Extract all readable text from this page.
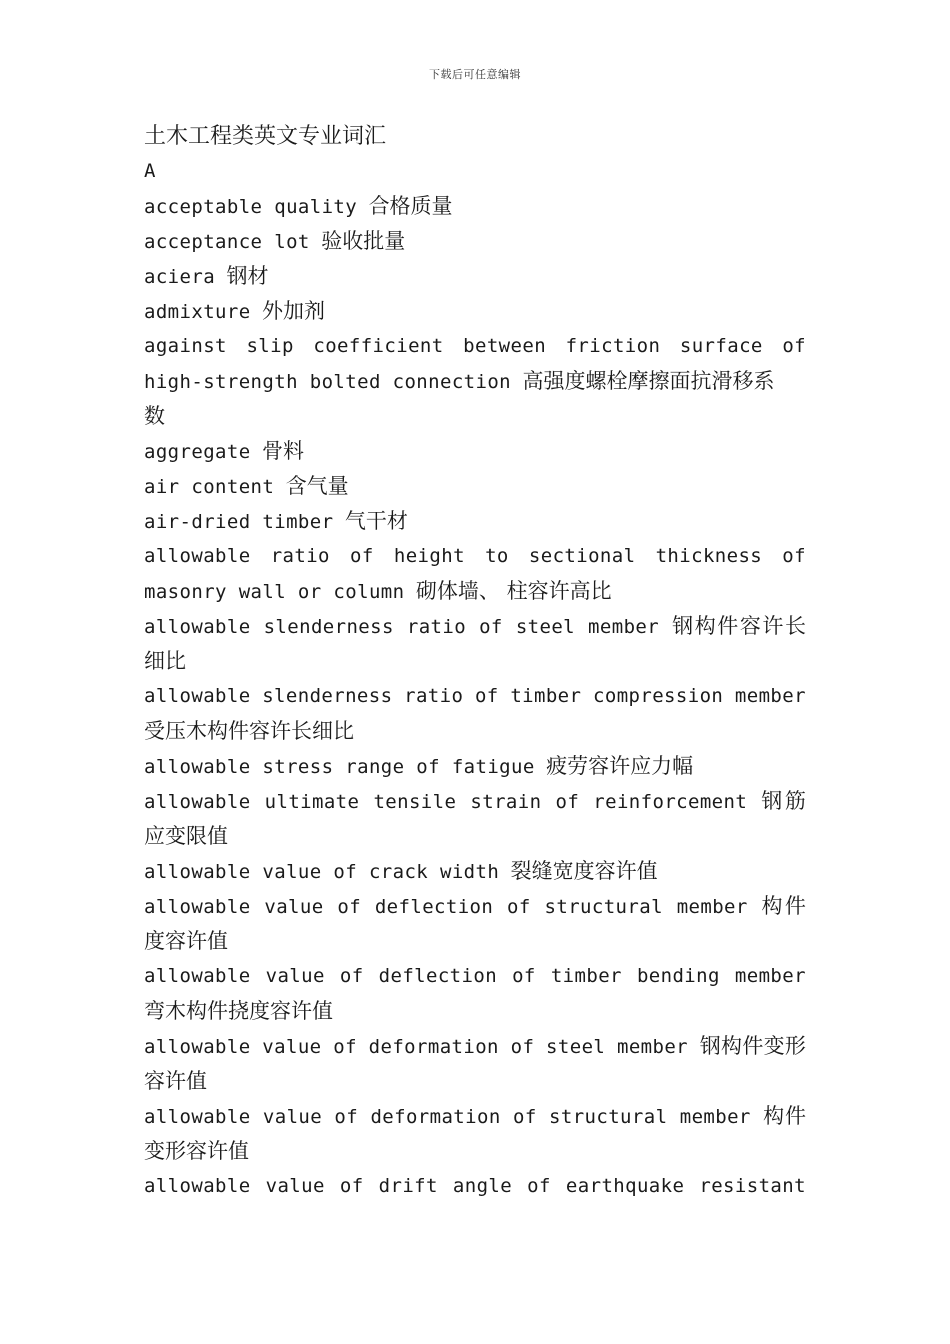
下载后可任意编辑
土木工程类英文专业词汇
A
acceptable quality 合格质量
acceptance lot 验收批量
aciera 钢材
admixture 外加剂
against slip coefficient between friction surface of
high-strength bolted connection 高强度螺栓摩擦面抗滑移系
数
aggregate 骨料
air content 含气量
air-dried timber 气干材
allowable ratio of height to sectional thickness of
masonry wall or column 砌体墙、 柱容许高比
allowable slenderness ratio of steel member 钢构件容许长
细比
allowable slenderness ratio of timber compression member
受压木构件容许长细比
allowable stress range of fatigue 疲劳容许应力幅
allowable ultimate tensile strain of reinforcement 钢筋
应变限值
allowable value of crack width 裂缝宽度容许值
allowable value of deflection of structural member 构件
度容许值
allowable value of deflection of timber bending member
弯木构件挠度容许值
allowable value of deformation of steel member 钢构件变形
容许值
allowable value of deformation of structural member 构件
变形容许值
allowable value of drift angle of earthquake resistant
